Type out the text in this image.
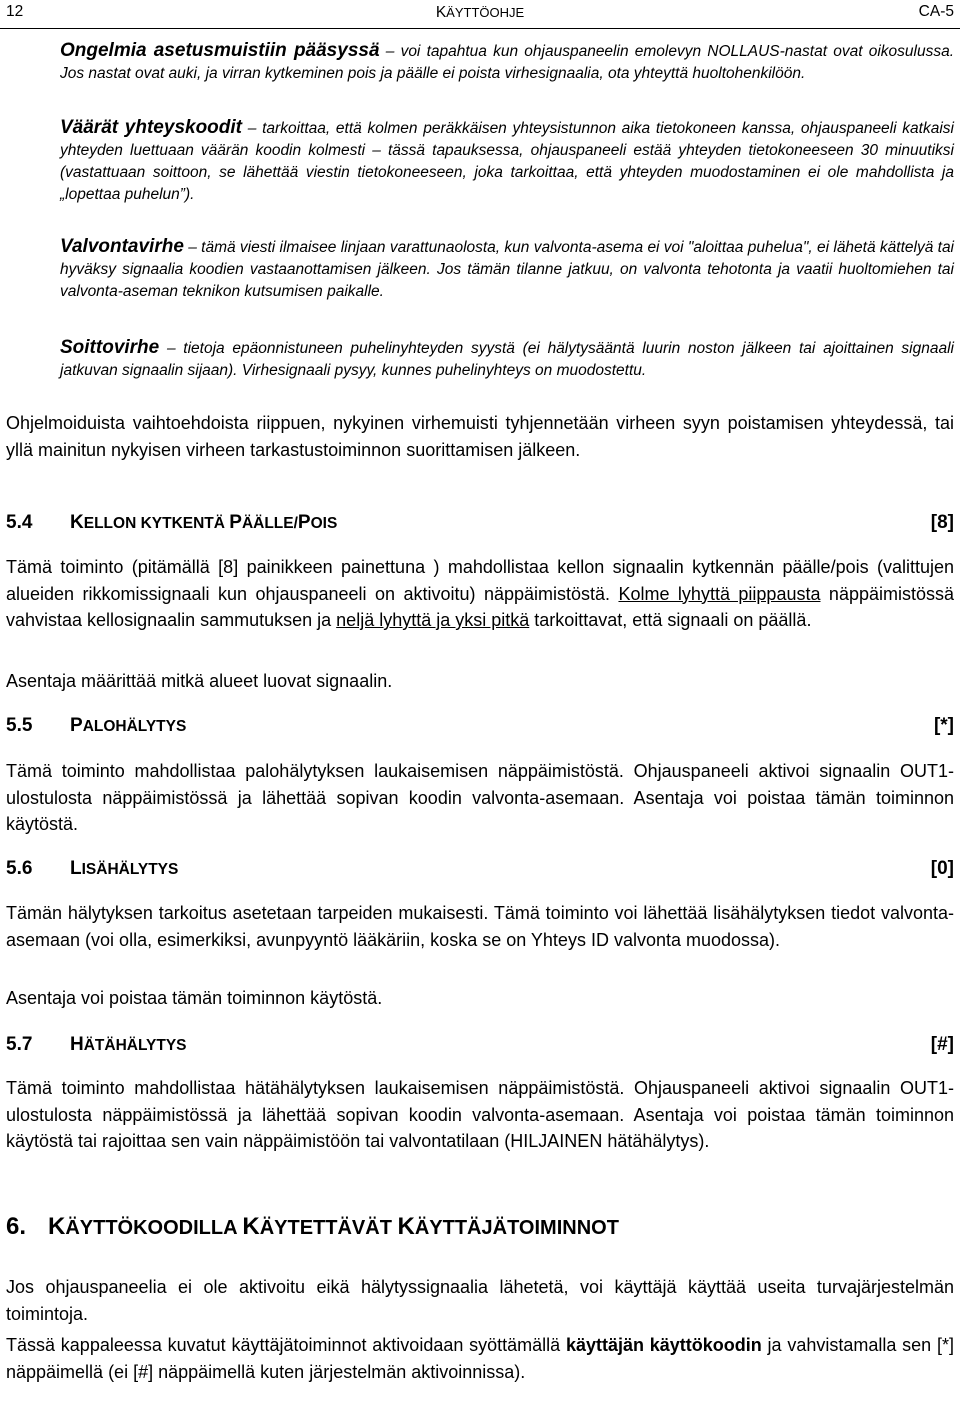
12	KÄYTTÖOHJE	CA-5
Ongelmia asetusmuistiin pääsyssä – voi tapahtua kun ohjauspaneelin emolevyn NOLLAUS-nastat ovat oikosulussa. Jos nastat ovat auki, ja virran kytkeminen pois ja päälle ei poista virhesignaalia, ota yhteyttä huoltohenkilöön.
Väärät yhteyskoodit – tarkoittaa, että kolmen peräkkäisen yhteysistunnon aika tietokoneen kanssa, ohjauspaneeli katkaisi yhteyden luettuaan väärän koodin kolmesti – tässä tapauksessa, ohjauspaneeli estää yhteyden tietokoneeseen 30 minuutiksi (vastattuaan soittoon, se lähettää viestin tietokoneeseen, joka tarkoittaa, että yhteyden muodostaminen ei ole mahdollista ja „lopettaa puhelun”).
Valvontavirhe – tämä viesti ilmaisee linjaan varattunaolosta, kun valvonta-asema ei voi "aloittaa puhelua", ei lähetä kättelyä tai hyväksy signaalia koodien vastaanottamisen jälkeen. Jos tämän tilanne jatkuu, on valvonta tehotonta ja vaatii huoltomiehen tai valvonta-aseman teknikon kutsumisen paikalle.
Soittovirhe – tietoja epäonnistuneen puhelinyhteyden syystä (ei hälytysääntä luurin noston jälkeen tai ajoittainen signaali jatkuvan signaalin sijaan). Virhesignaali pysyy, kunnes puhelinyhteys on muodostettu.
Ohjelmoiduista vaihtoehdoista riippuen, nykyinen virhemuisti tyhjennetään virheen syyn poistamisen yhteydessä, tai yllä mainitun nykyisen virheen tarkastustoiminnon suorittamisen jälkeen.
5.4 KELLON KYTKENTÄ PÄÄLLE/POIS	[8]
Tämä toiminto (pitämällä [8] painikkeen painettuna ) mahdollistaa kellon signaalin kytkennän päälle/pois (valittujen alueiden rikkomissignaali kun ohjauspaneeli on aktivoitu) näppäimistöstä. Kolme lyhyttä piippausta näppäimistössä vahvistaa kellosignaalin sammutuksen ja neljä lyhyttä ja yksi pitkä tarkoittavat, että signaali on päällä.
Asentaja määrittää mitkä alueet luovat signaalin.
5.5 PALOHÄLYTYS	[*]
Tämä toiminto mahdollistaa palohälytyksen laukaisemisen näppäimistöstä. Ohjauspaneeli aktivoi signaalin OUT1-ulostulosta näppäimistössä ja lähettää sopivan koodin valvonta-asemaan. Asentaja voi poistaa tämän toiminnon käytöstä.
5.6 LISÄHÄLYTYS	[0]
Tämän hälytyksen tarkoitus asetetaan tarpeiden mukaisesti. Tämä toiminto voi lähettää lisähälytyksen tiedot valvonta-asemaan (voi olla, esimerkiksi, avunpyyntö lääkäriin, koska se on Yhteys ID valvonta muodossa).
Asentaja voi poistaa tämän toiminnon käytöstä.
5.7 HÄTÄHÄLYTYS	[#]
Tämä toiminto mahdollistaa hätähälytyksen laukaisemisen näppäimistöstä. Ohjauspaneeli aktivoi signaalin OUT1-ulostulosta näppäimistössä ja lähettää sopivan koodin valvonta-asemaan. Asentaja voi poistaa tämän toiminnon käytöstä tai rajoittaa sen vain näppäimistöön tai valvontatilaan (HILJAINEN hätähälytys).
6. KÄYTTÖKOODILLA KÄYTETTÄVÄT KÄYTTÄJÄTOIMINNOT
Jos ohjauspaneelia ei ole aktivoitu eikä hälytyssignaalia lähetetä, voi käyttäjä käyttää useita turvajärjestelmän toimintoja.
Tässä kappaleessa kuvatut käyttäjätoiminnot aktivoidaan syöttämällä käyttäjän käyttökoodin ja vahvistamalla sen [*] näppäimellä (ei [#] näppäimellä kuten järjestelmän aktivoinnissa).
